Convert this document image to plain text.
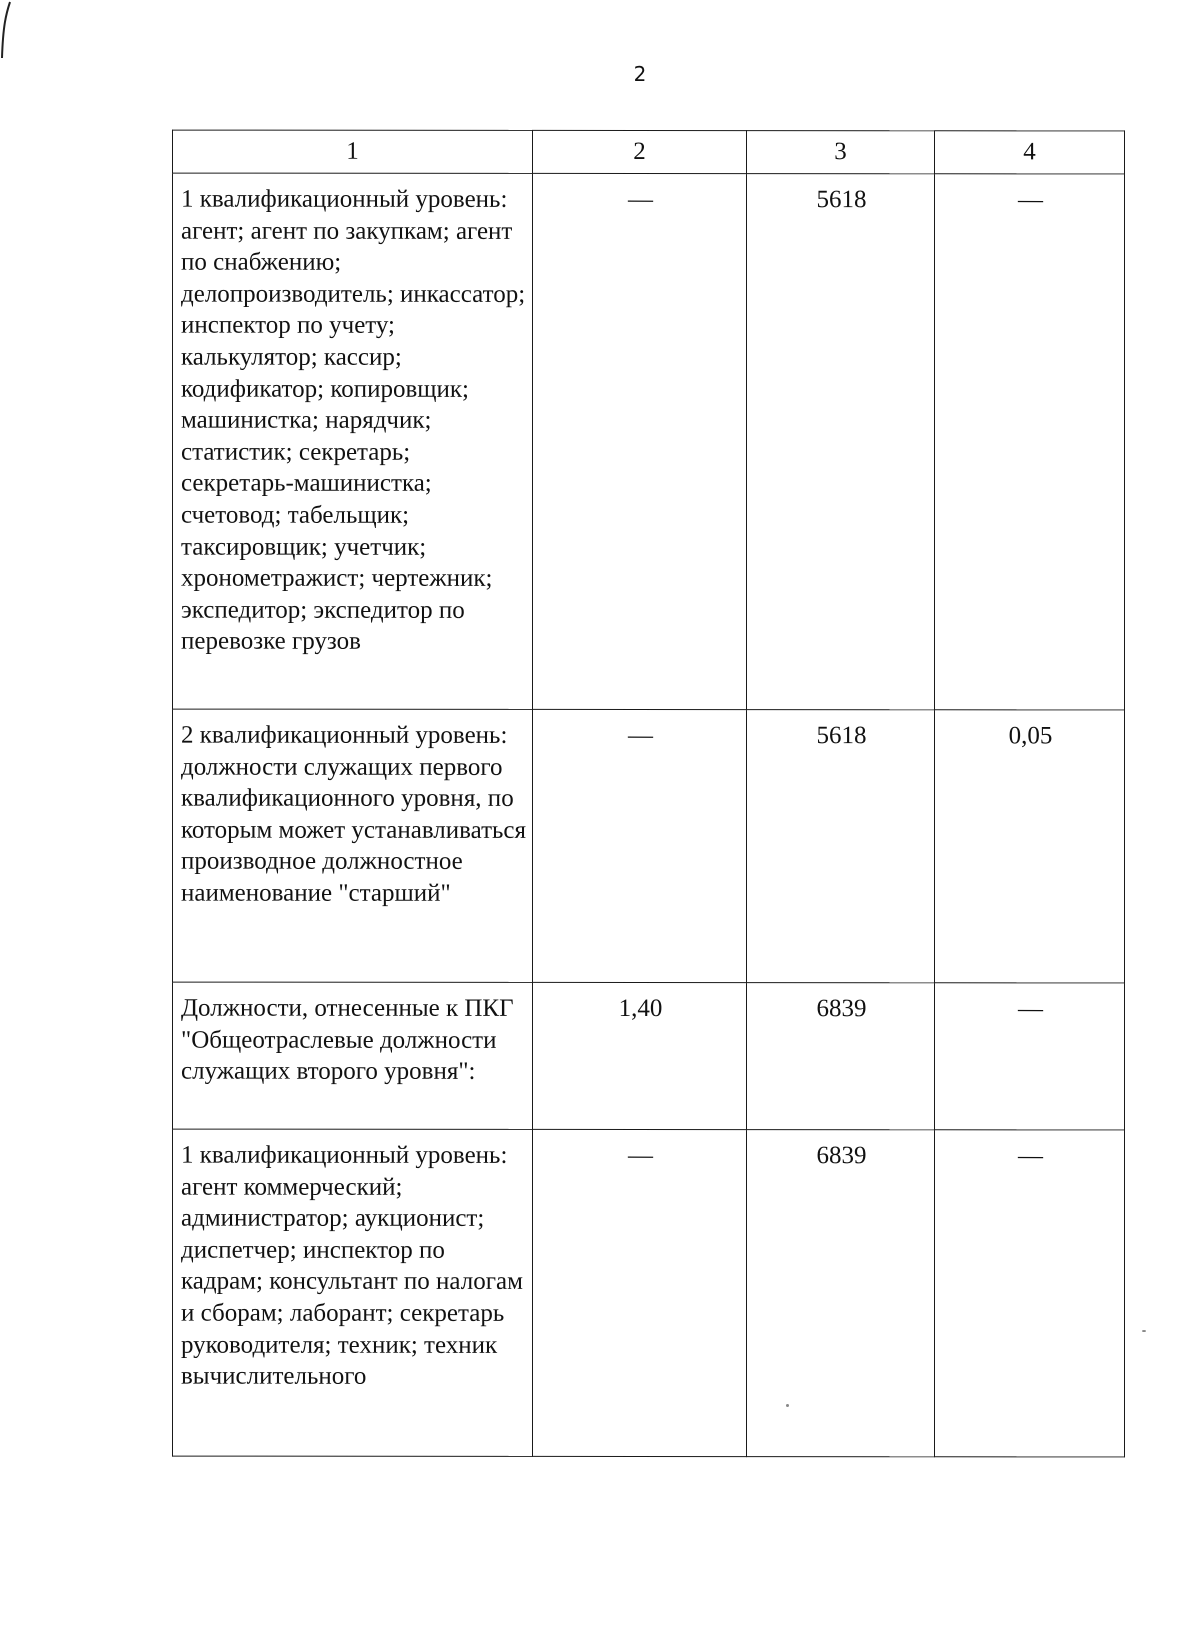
2
1	2	3	4
1 квалификационный уровень: агент; агент по закупкам; агент по снабжению; делопроизводитель; инкассатор; инспектор по учету; калькулятор; кассир; кодификатор; копировщик; машинистка; нарядчик; статистик; секретарь; секретарь-машинистка; счетовод; табельщик; таксировщик; учетчик; хронометражист; чертежник; экспедитор; экспедитор по перевозке грузов	—	5618	—
2 квалификационный уровень: должности служащих первого квалификационного уровня, по которым может устанавливаться производное должностное наименование "старший"	—	5618	0,05
Должности, отнесенные к ПКГ "Общеотраслевые должности служащих второго уровня":	1,40	6839	—
1 квалификационный уровень: агент коммерческий; администратор; аукционист; диспетчер; инспектор по кадрам; консультант по налогам и сборам; лаборант; секретарь руководителя; техник; техник вычислительного	—	6839	—
